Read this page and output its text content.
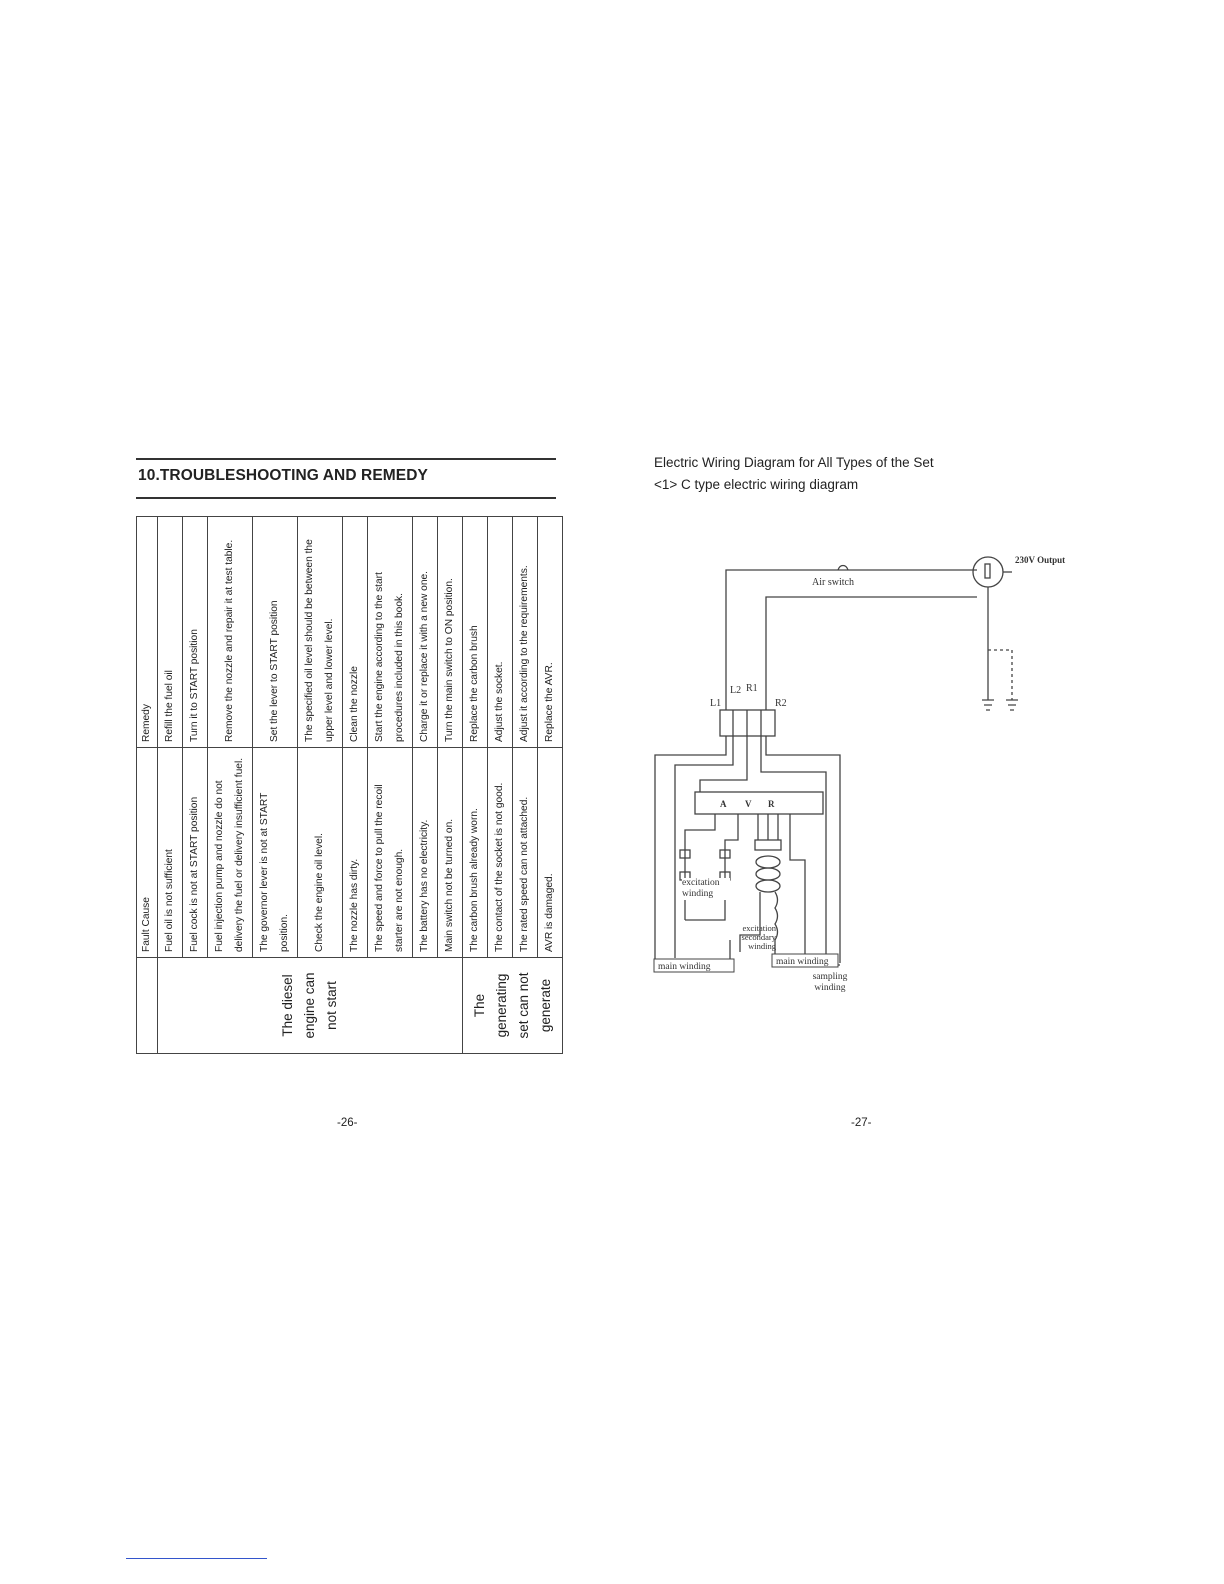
10.TROUBLESHOOTING AND REMEDY
	Fault Cause	Remedy
The diesel engine can not start	Fuel oil is not sufficient	Refill the fuel oil
	Fuel cock is not at START position	Turn it to START position
	Fuel injection pump and nozzle do not delivery the fuel or delivery insufficient fuel.	Remove the nozzle and repair it at test table.
	The governor lever is not at START position.	Set the lever to START position
	Check the engine oil level.	The specified oil level should be between the upper level and lower level.
	The nozzle has dirty.	Clean the nozzle
	The speed and force to pull the recoil starter are not enough.	Start the engine according to the start procedures included in this book.
	The battery has no electricity.	Charge it or replace it with a new one.
	Main switch not be turned on.	Turn the main switch to ON position.
The generating set can not generate	The carbon brush already worn.	Replace the carbon brush
	The contact of the socket is not good.	Adjust the socket.
	The rated speed can not attached.	Adjust it according to the requirements.
	AVR is damaged.	Replace the AVR.
-26-
Electric Wiring Diagram for All Types of the Set
<1> C type electric wiring diagram
230V Output
Air switch
L2 R1
L1	R2
A V R
excitation winding
excitation secondary winding
main winding	main winding
sampling winding
-27-
